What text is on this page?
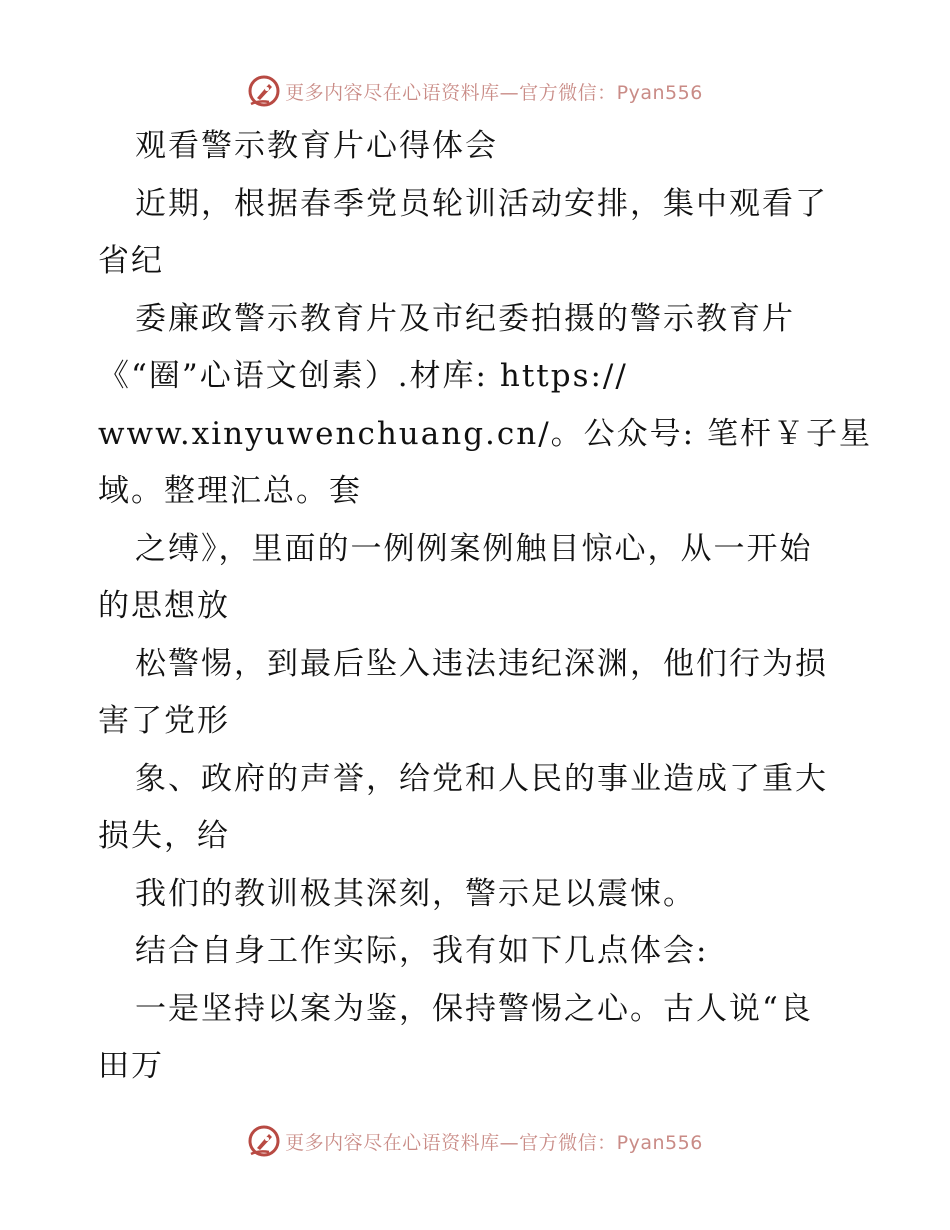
更多内容尽在心语资料库—官方微信：Pyan556
观看警示教育片心得体会
近期，根据春季党员轮训活动安排，集中观看了
省纪
委廉政警示教育片及市纪委拍摄的警示教育片
《“圈”心语文创素）.材库: https://
www.xinyuwenchuang.cn/。公众号: 笔杆￥子星
域。整理汇总。套
之缚》，里面的一例例案例触目惊心，从一开始
的思想放
松警惕，到最后坠入违法违纪深渊，他们行为损
害了党形
象、政府的声誉，给党和人民的事业造成了重大
损失，给
我们的教训极其深刻，警示足以震悚。
结合自身工作实际，我有如下几点体会:
一是坚持以案为鉴，保持警惕之心。古人说“良
田万
更多内容尽在心语资料库—官方微信：Pyan556
